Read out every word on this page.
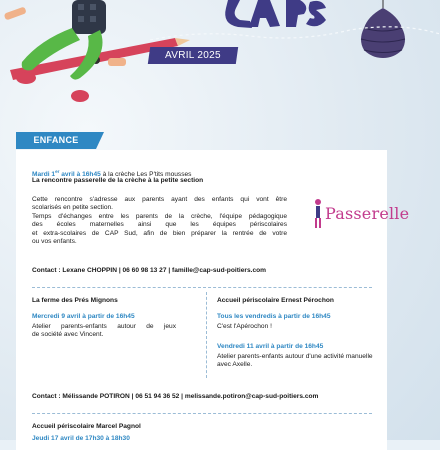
AVRIL 2025
ENFANCE
Mardi 1er avril à 16h45 à la crèche Les P'tits mousses
La rencontre passerelle de la crèche à la petite section
Cette rencontre s'adresse aux parents ayant des enfants qui vont être
scolarisés en petite section.
Temps d'échanges entre les parents de la crèche, l'équipe pédagogique
des écoles maternelles ainsi que les équipes périscolaires
et extra-scolaires de CAP Sud, afin de bien préparer la rentrée de votre
ou vos enfants.
Passerelle
Contact : Lexane CHOPPIN | 06 60 98 13 27 | famille@cap-sud-poitiers.com
La ferme des Prés Mignons
Mercredi 9 avril à partir de 16h45
Atelier parents-enfants autour de jeux
de société avec Vincent.
Accueil périscolaire Ernest Pérochon
Tous les vendredis à partir de 16h45
C'est l'Apérochon !
Vendredi 11 avril à partir de 16h45
Atelier parents-enfants autour d'une activité manuelle
avec Axelle.
Contact : Mélissande POTIRON | 06 51 94 36 52 | melissande.potiron@cap-sud-poitiers.com
Accueil périscolaire Marcel Pagnol
Jeudi 17 avril de 17h30 à 18h30
